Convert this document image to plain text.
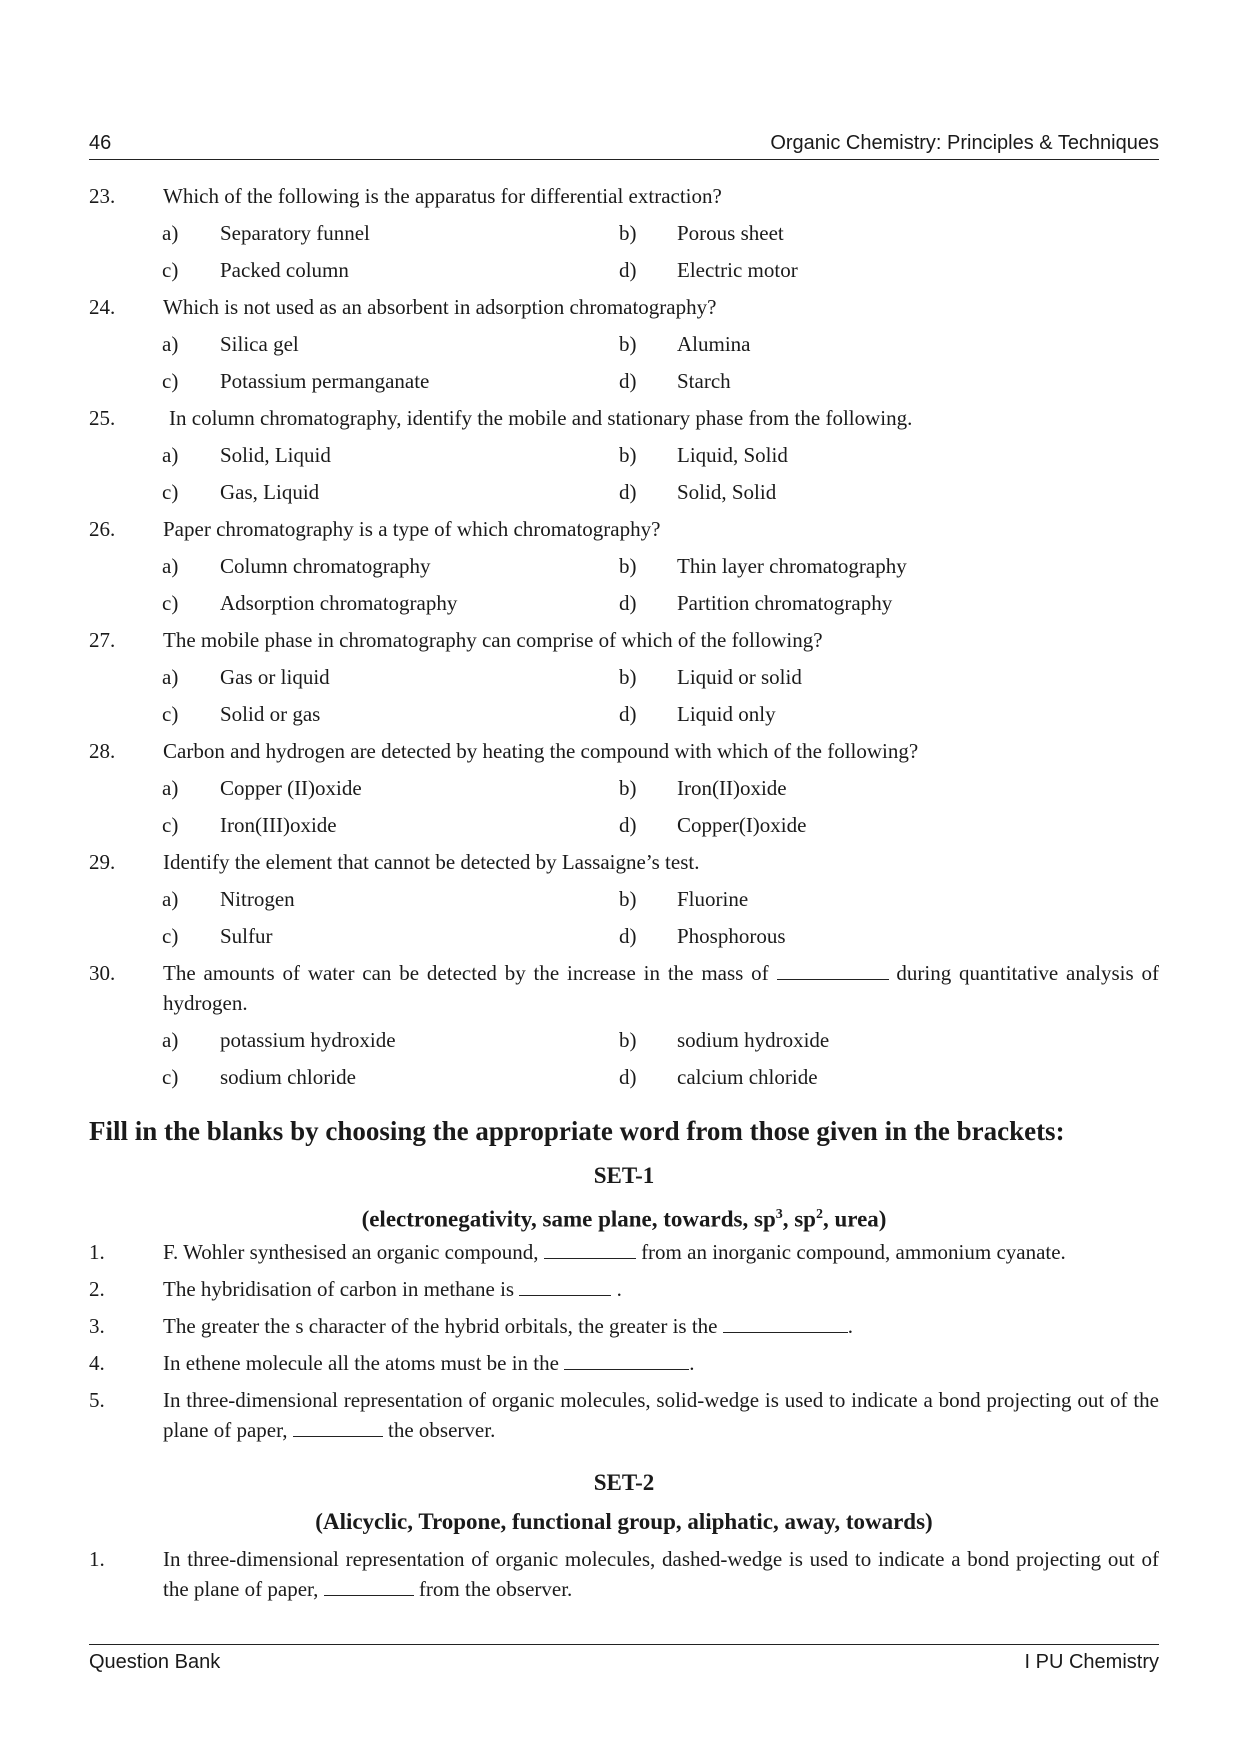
46	Organic Chemistry: Principles & Techniques
23. Which of the following is the apparatus for differential extraction?
a) Separatory funnel	b) Porous sheet
c) Packed column	d) Electric motor
24. Which is not used as an absorbent in adsorption chromatography?
a) Silica gel	b) Alumina
c) Potassium permanganate	d) Starch
25.	In column chromatography, identify the mobile and stationary phase from the following.
a) Solid, Liquid	b) Liquid, Solid
c) Gas, Liquid	d) Solid, Solid
26. Paper chromatography is a type of which chromatography?
a) Column chromatography	b) Thin layer chromatography
c) Adsorption chromatography	d) Partition chromatography
27. The mobile phase in chromatography can comprise of which of the following?
a) Gas or liquid	b) Liquid or solid
c) Solid or gas	d) Liquid only
28. Carbon and hydrogen are detected by heating the compound with which of the following?
a) Copper (II)oxide	b) Iron(II)oxide
c) Iron(III)oxide	d) Copper(I)oxide
29. Identify the element that cannot be detected by Lassaigne’s test.
a) Nitrogen	b) Fluorine
c) Sulfur	d) Phosphorous
30. The amounts of water can be detected by the increase in the mass of	during quantitative analysis of hydrogen.
a) potassium hydroxide	b) sodium hydroxide
c) sodium chloride	d) calcium chloride
Fill in the blanks by choosing the appropriate word from those given in the brackets:
SET-1
(electronegativity, same plane, towards, $sp^3$, $sp^2$, urea)
1.	F. Wohler synthesised an organic compound,	from an inorganic compound, ammonium cyanate.
2.	The hybridisation of carbon in methane is	.
3.	The greater the s character of the hybrid orbitals, the greater is the	.
4.	In ethene molecule all the atoms must be in the	.
5.	In three-dimensional representation of organic molecules, solid-wedge is used to indicate a bond projecting out of the plane of paper,	the observer.
SET-2
(Alicyclic, Tropone, functional group, aliphatic, away, towards)
1.	In three-dimensional representation of organic molecules, dashed-wedge is used to indicate a bond projecting out of the plane of paper,	from the observer.
Question Bank	I PU Chemistry
